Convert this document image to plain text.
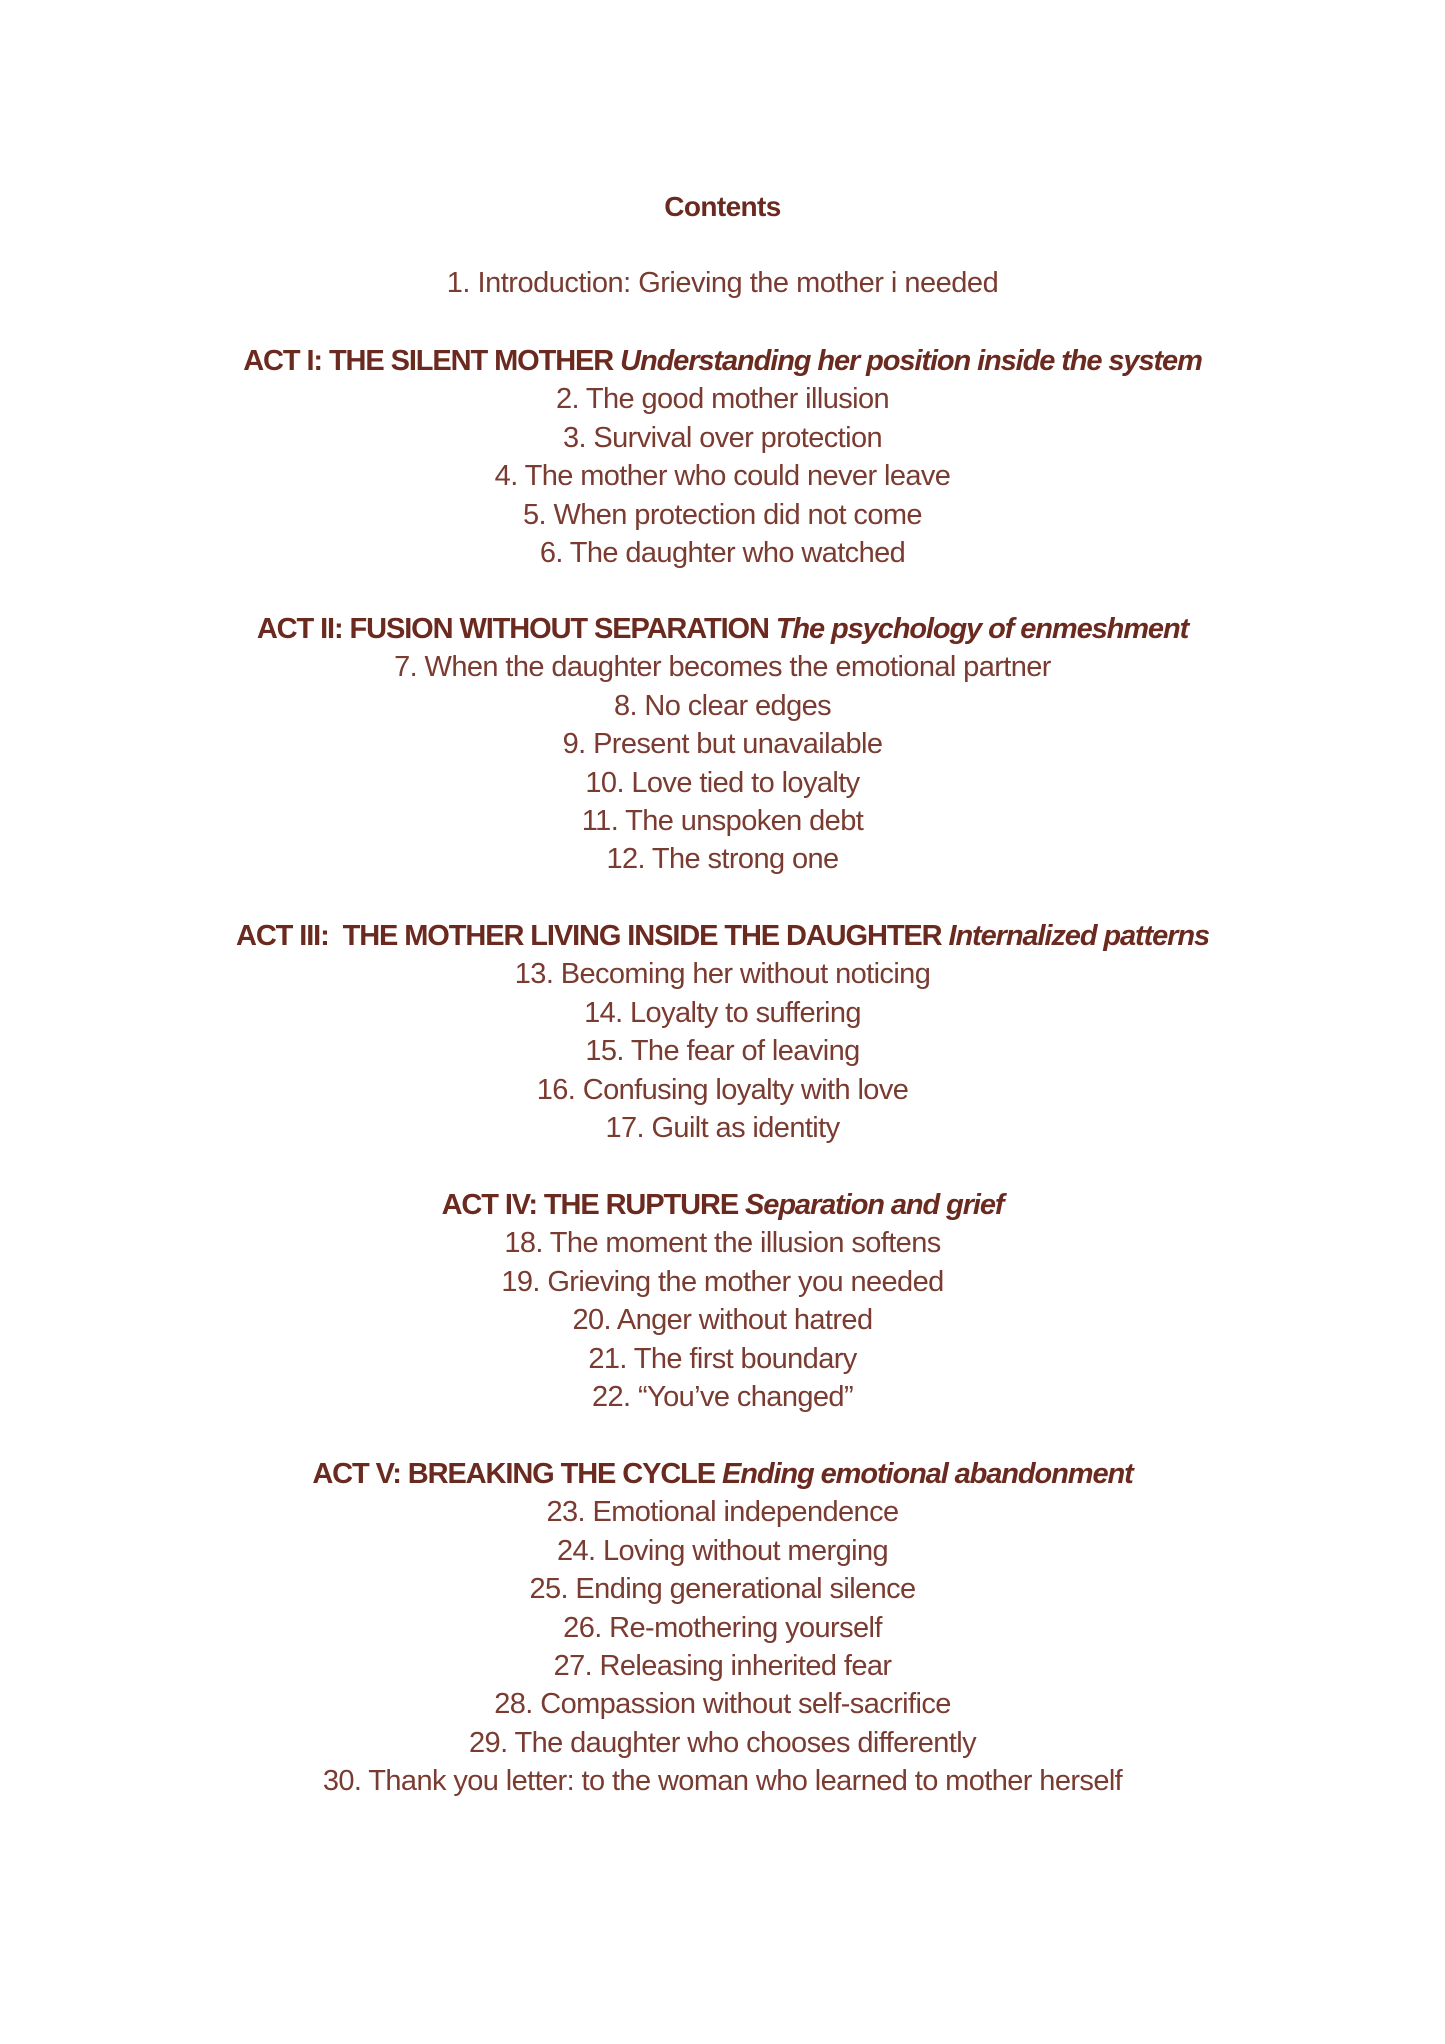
Contents
1. Introduction: Grieving the mother i needed
ACT I: THE SILENT MOTHER Understanding her position inside the system
2. The good mother illusion
3. Survival over protection
4. The mother who could never leave
5. When protection did not come
6. The daughter who watched
ACT II: FUSION WITHOUT SEPARATION The psychology of enmeshment
7. When the daughter becomes the emotional partner
8. No clear edges
9. Present but unavailable
10. Love tied to loyalty
11. The unspoken debt
12. The strong one
ACT III:  THE MOTHER LIVING INSIDE THE DAUGHTER Internalized patterns
13. Becoming her without noticing
14. Loyalty to suffering
15. The fear of leaving
16. Confusing loyalty with love
17. Guilt as identity
ACT IV: THE RUPTURE Separation and grief
18. The moment the illusion softens
19. Grieving the mother you needed
20. Anger without hatred
21. The first boundary
22. “You’ve changed”
ACT V: BREAKING THE CYCLE Ending emotional abandonment
23. Emotional independence
24. Loving without merging
25. Ending generational silence
26. Re-mothering yourself
27. Releasing inherited fear
28. Compassion without self-sacrifice
29. The daughter who chooses differently
30. Thank you letter: to the woman who learned to mother herself
